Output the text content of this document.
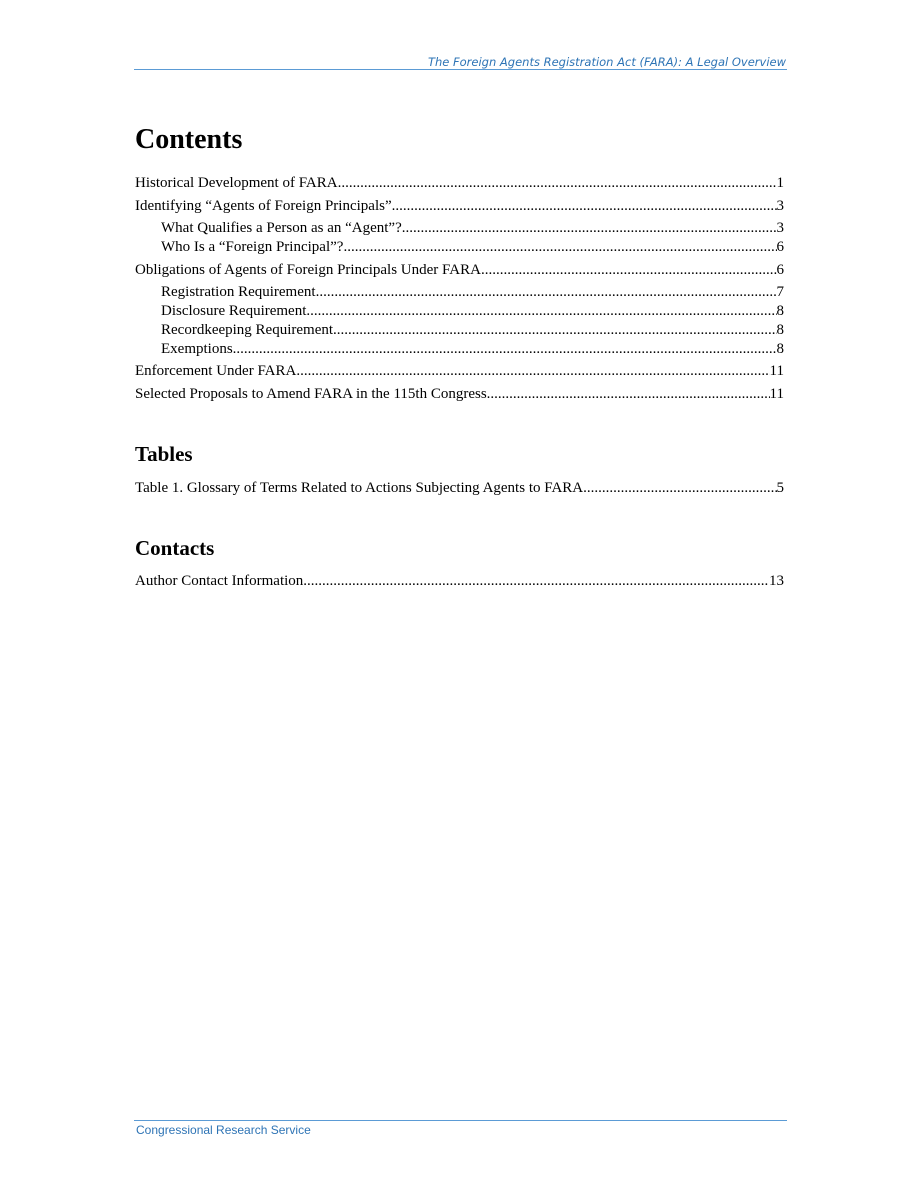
The Foreign Agents Registration Act (FARA): A Legal Overview
Contents
Historical Development of FARA .....	1
Identifying “Agents of Foreign Principals” .....	3
What Qualifies a Person as an “Agent”? .....	3
Who Is a “Foreign Principal”? .....	6
Obligations of Agents of Foreign Principals Under FARA .....	6
Registration Requirement .....	7
Disclosure Requirement .....	8
Recordkeeping Requirement .....	8
Exemptions .....	8
Enforcement Under FARA .....	11
Selected Proposals to Amend FARA in the 115th Congress .....	11
Tables
Table 1. Glossary of Terms Related to Actions Subjecting Agents to FARA .....	5
Contacts
Author Contact Information .....	13
Congressional Research Service
